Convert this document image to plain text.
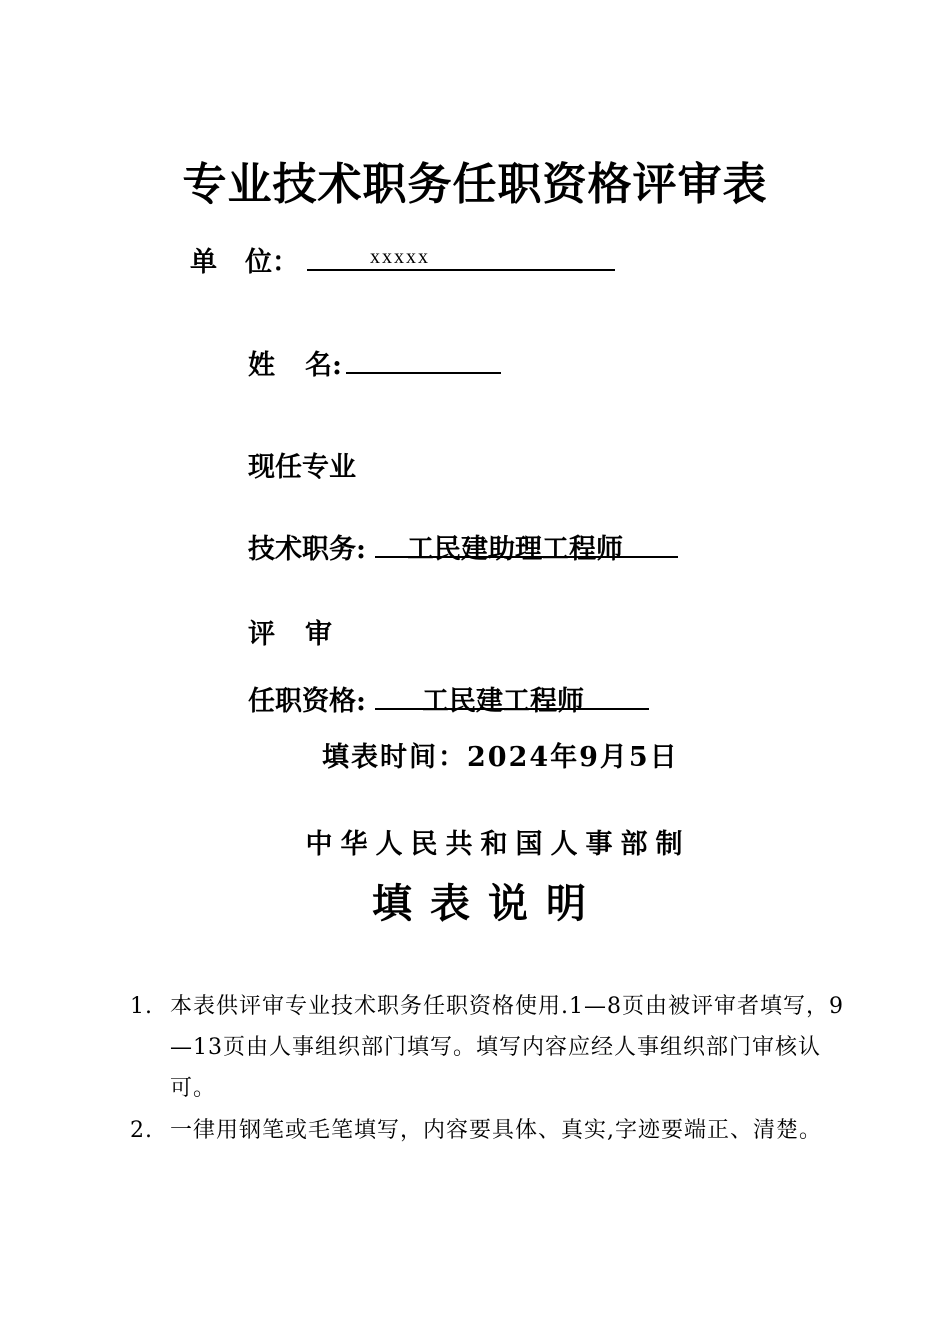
专业技术职务任职资格评审表
单 位：	xxxxx
姓 名:
现任专业
技术职务: 工民建助理工程师
评 审
任职资格: 工民建工程师
填表时间：2024年9月5日
中华人民共和国人事部制
填表说明
1. 本表供评审专业技术职务任职资格使用.1—8页由被评审者填写，9—13页由人事组织部门填写。填写内容应经人事组织部门审核认可。
2. 一律用钢笔或毛笔填写，内容要具体、真实,字迹要端正、清楚。
